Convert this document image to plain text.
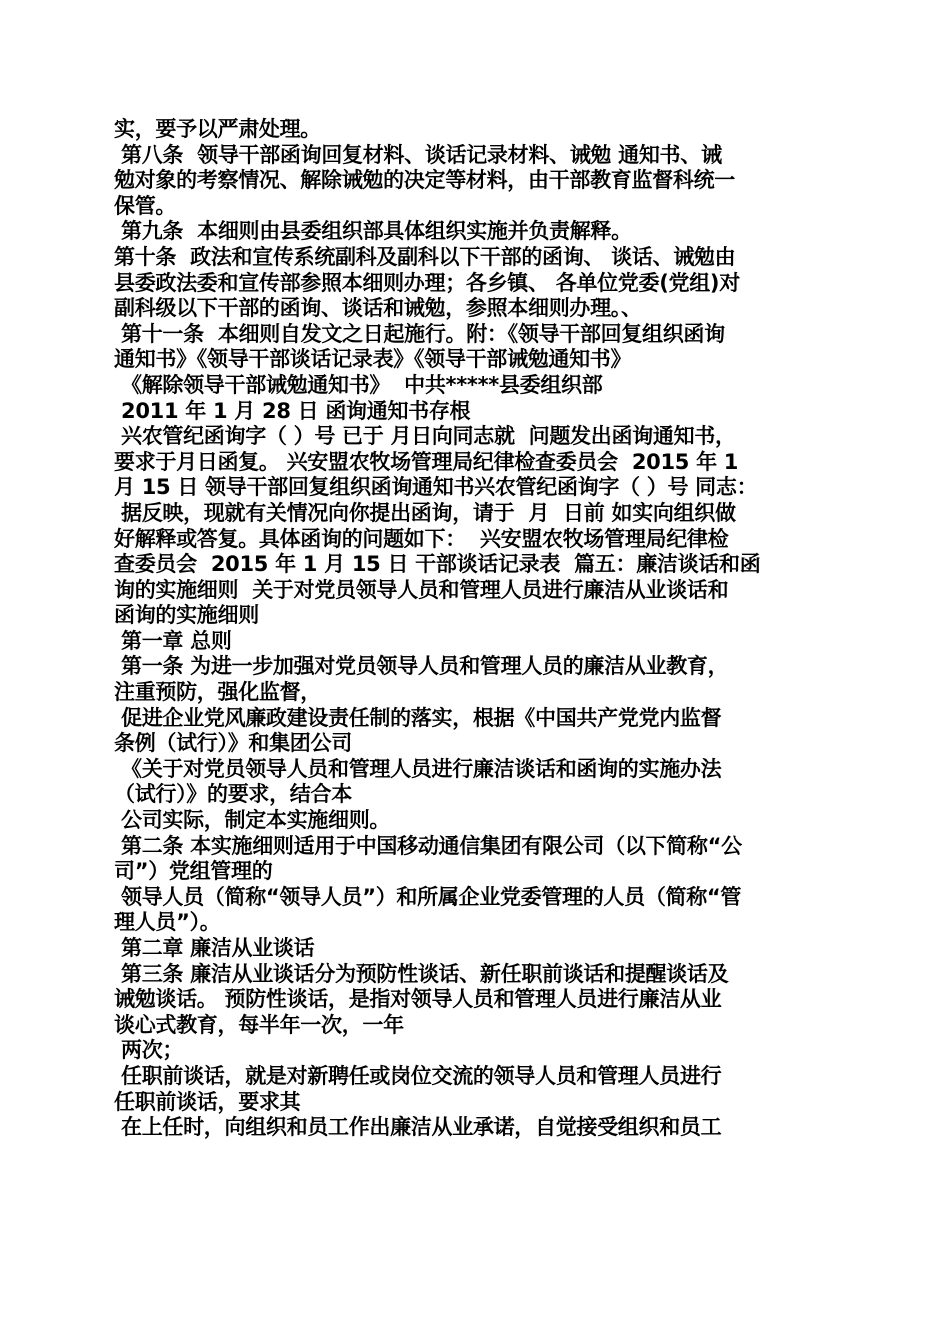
实，要予以严肃处理。
第八条  领导干部函询回复材料、谈话记录材料、诫勉 通知书、诫
勉对象的考察情况、解除诫勉的决定等材料，由干部教育监督科统一
保管。
第九条  本细则由县委组织部具体组织实施并负责解释。
第十条  政法和宣传系统副科及副科以下干部的函询、 谈话、诫勉由
县委政法委和宣传部参照本细则办理；各乡镇、 各单位党委(党组)对
副科级以下干部的函询、谈话和诫勉，参照本细则办理。、
第十一条  本细则自发文之日起施行。附：《领导干部回复组织函询
通知书》《领导干部谈话记录表》《领导干部诫勉通知书》
《解除领导干部诫勉通知书》  中共*****县委组织部
2011 年 1 月 28 日 函询通知书存根
兴农管纪函询字（ ）号 已于 月日向同志就  问题发出函询通知书，
要求于月日函复。 兴安盟农牧场管理局纪律检查委员会  2015 年 1
月 15 日 领导干部回复组织函询通知书兴农管纪函询字（ ）号 同志：
据反映，现就有关情况向你提出函询，请于  月  日前 如实向组织做
好解释或答复。具体函询的问题如下：  兴安盟农牧场管理局纪律检
查委员会  2015 年 1 月 15 日 干部谈话记录表  篇五：廉洁谈话和函
询的实施细则  关于对党员领导人员和管理人员进行廉洁从业谈话和
函询的实施细则
第一章 总则
第一条 为进一步加强对党员领导人员和管理人员的廉洁从业教育，
注重预防，强化监督，
促进企业党风廉政建设责任制的落实，根据《中国共产党党内监督
条例（试行）》和集团公司
《关于对党员领导人员和管理人员进行廉洁谈话和函询的实施办法
（试行）》的要求，结合本
公司实际，制定本实施细则。
第二条 本实施细则适用于中国移动通信集团有限公司（以下简称“公
司”）党组管理的
领导人员（简称“领导人员”）和所属企业党委管理的人员（简称“管
理人员”）。
第二章 廉洁从业谈话
第三条 廉洁从业谈话分为预防性谈话、新任职前谈话和提醒谈话及
诫勉谈话。 预防性谈话，是指对领导人员和管理人员进行廉洁从业
谈心式教育，每半年一次，一年
两次；
任职前谈话，就是对新聘任或岗位交流的领导人员和管理人员进行
任职前谈话，要求其
在上任时，向组织和员工作出廉洁从业承诺，自觉接受组织和员工
